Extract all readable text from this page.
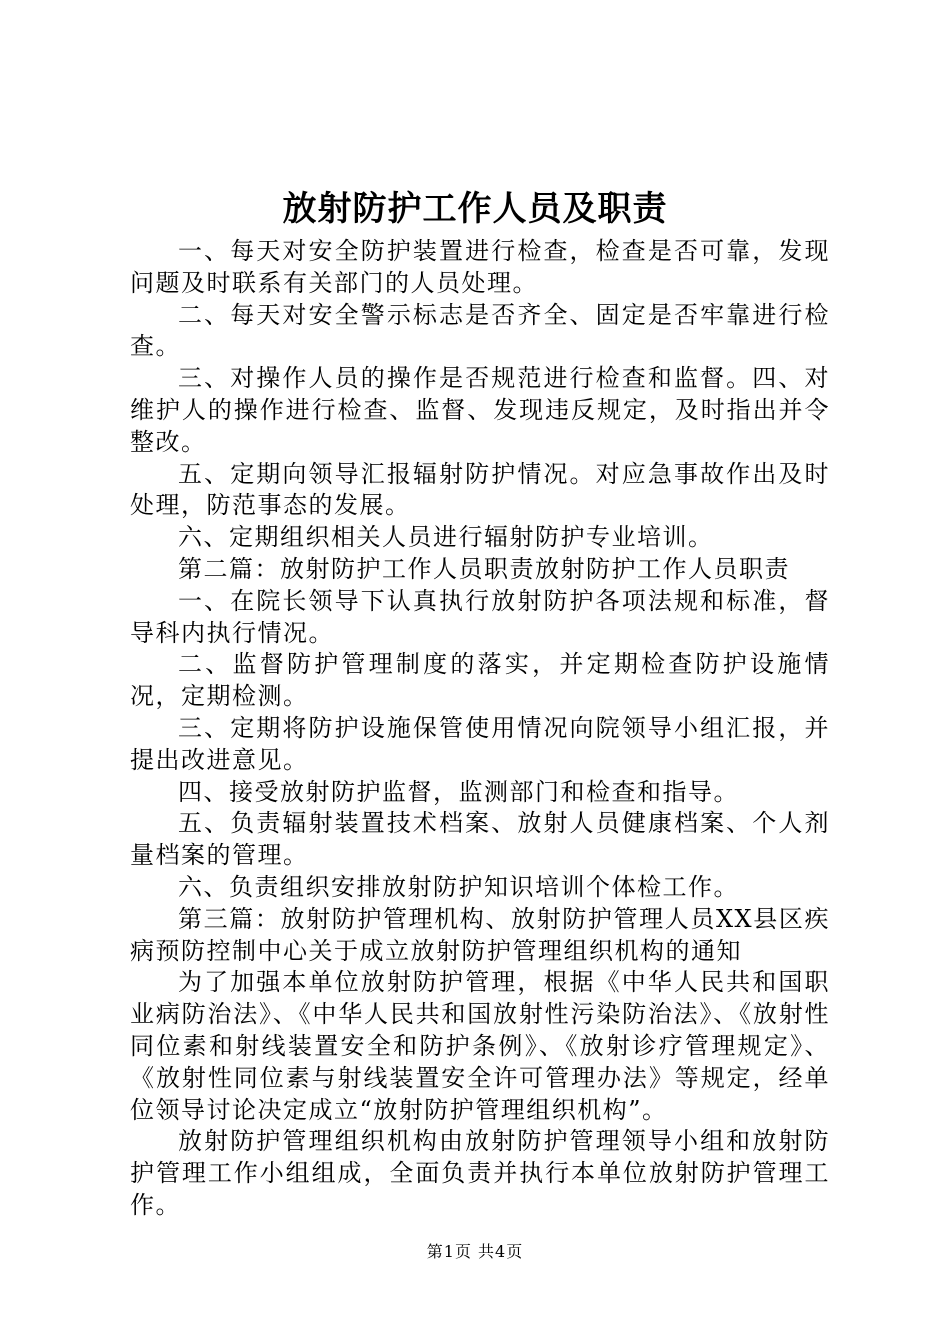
放射防护工作人员及职责

一、每天对安全防护装置进行检查，检查是否可靠，发现问题及时联系有关部门的人员处理。

二、每天对安全警示标志是否齐全、固定是否牢靠进行检查。

三、对操作人员的操作是否规范进行检查和监督。四、对维护人的操作进行检查、监督、发现违反规定，及时指出并令整改。

五、定期向领导汇报辐射防护情况。对应急事故作出及时处理，防范事态的发展。

六、定期组织相关人员进行辐射防护专业培训。

第二篇：放射防护工作人员职责放射防护工作人员职责

一、在院长领导下认真执行放射防护各项法规和标准，督导科内执行情况。

二、监督防护管理制度的落实，并定期检查防护设施情况，定期检测。

三、定期将防护设施保管使用情况向院领导小组汇报，并提出改进意见。

四、接受放射防护监督，监测部门和检查和指导。

五、负责辐射装置技术档案、放射人员健康档案、个人剂量档案的管理。

六、负责组织安排放射防护知识培训个体检工作。

第三篇：放射防护管理机构、放射防护管理人员XX县区疾病预防控制中心关于成立放射防护管理组织机构的通知

为了加强本单位放射防护管理，根据《中华人民共和国职业病防治法》、《中华人民共和国放射性污染防治法》、《放射性同位素和射线装置安全和防护条例》、《放射诊疗管理规定》、《放射性同位素与射线装置安全许可管理办法》等规定，经单位领导讨论决定成立“放射防护管理组织机构”。

放射防护管理组织机构由放射防护管理领导小组和放射防护管理工作小组组成，全面负责并执行本单位放射防护管理工作。

第1页 共4页
